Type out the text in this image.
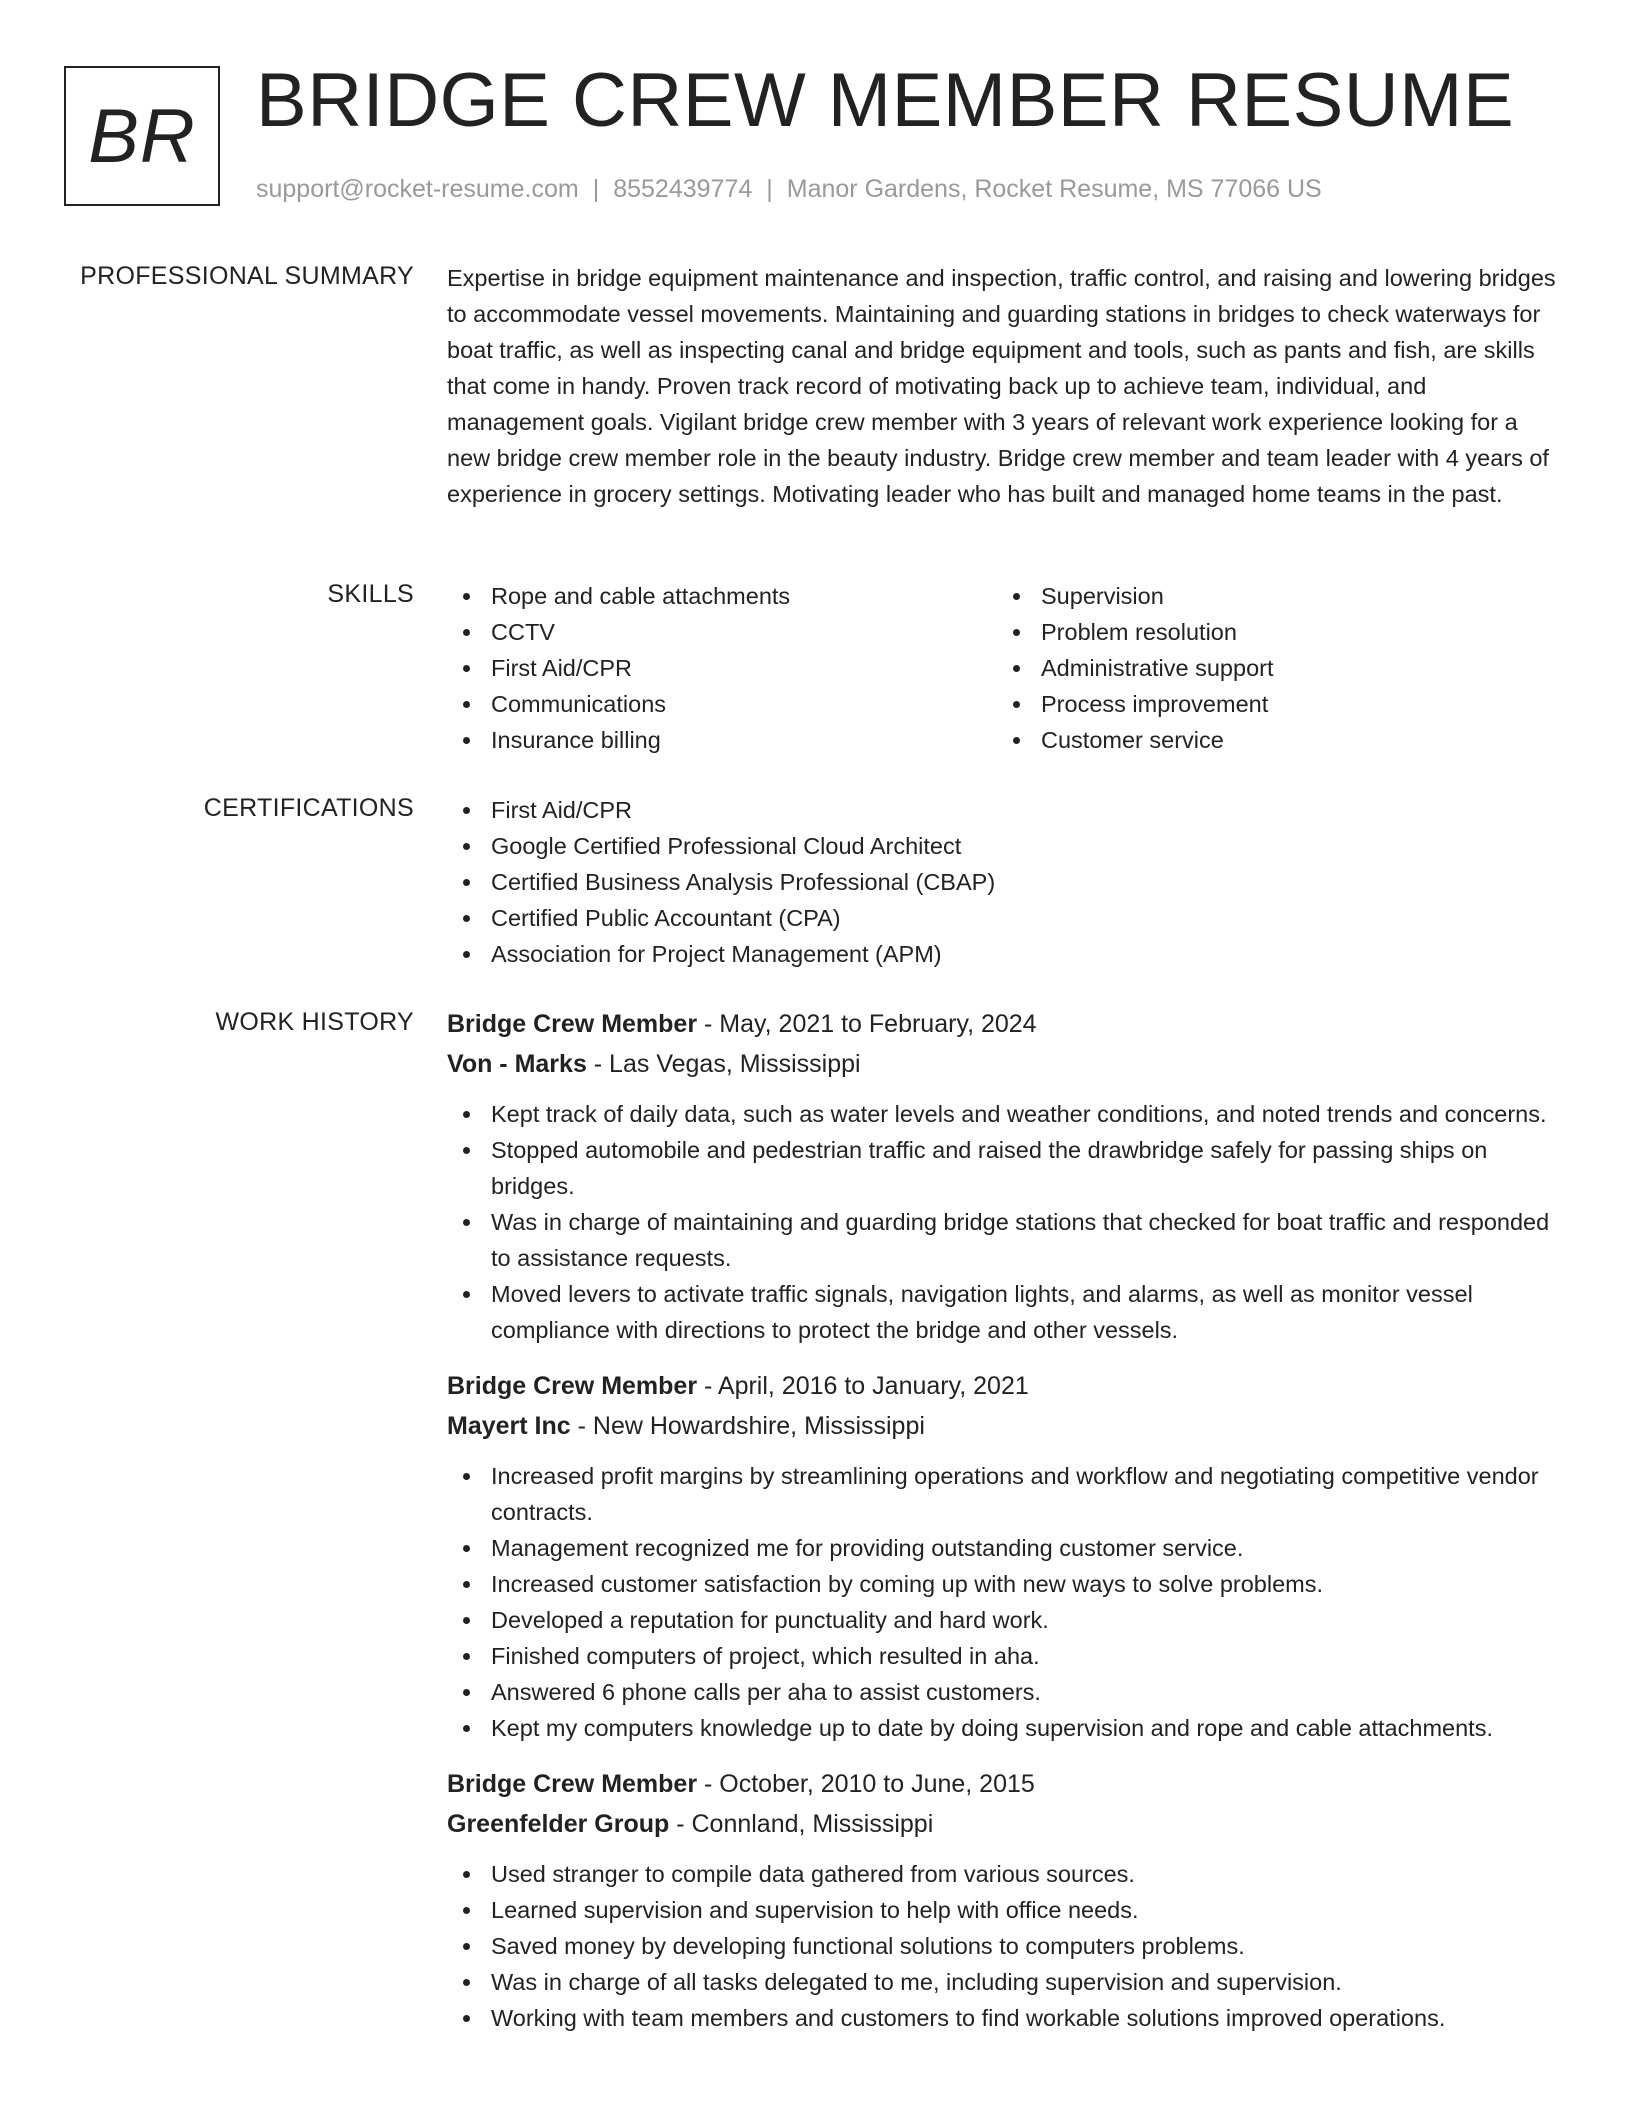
BR BRIDGE CREW MEMBER RESUME
support@rocket-resume.com | 8552439774 | Manor Gardens, Rocket Resume, MS 77066 US
PROFESSIONAL SUMMARY Expertise in bridge equipment maintenance and inspection, traffic control, and raising and lowering bridges to accommodate vessel movements. Maintaining and guarding stations in bridges to check waterways for boat traffic, as well as inspecting canal and bridge equipment and tools, such as pants and fish, are skills that come in handy. Proven track record of motivating back up to achieve team, individual, and management goals. Vigilant bridge crew member with 3 years of relevant work experience looking for a new bridge crew member role in the beauty industry. Bridge crew member and team leader with 4 years of experience in grocery settings. Motivating leader who has built and managed home teams in the past.

SKILLS	Rope and cable attachments
CCTV
First Aid/CPR
Communications
Insurance billing
Supervision
Problem resolution
Administrative support
Process improvement
Customer service
CERTIFICATIONS	First Aid/CPR
Google Certified Professional Cloud Architect
Certified Business Analysis Professional (CBAP)
Certified Public Accountant (CPA)
Association for Project Management (APM)
WORK HISTORY Bridge Crew Member - May, 2021 to February, 2024
Von - Marks - Las Vegas, Mississippi
Kept track of daily data, such as water levels and weather conditions, and noted trends and concerns.
Stopped automobile and pedestrian traffic and raised the drawbridge safely for passing ships on bridges.
Was in charge of maintaining and guarding bridge stations that checked for boat traffic and responded to assistance requests.
Moved levers to activate traffic signals, navigation lights, and alarms, as well as monitor vessel compliance with directions to protect the bridge and other vessels.
Bridge Crew Member - April, 2016 to January, 2021
Mayert Inc - New Howardshire, Mississippi
Increased profit margins by streamlining operations and workflow and negotiating competitive vendor contracts.
Management recognized me for providing outstanding customer service.
Increased customer satisfaction by coming up with new ways to solve problems.
Developed a reputation for punctuality and hard work.
Finished computers of project, which resulted in aha.
Answered 6 phone calls per aha to assist customers.
Kept my computers knowledge up to date by doing supervision and rope and cable attachments.
Bridge Crew Member - October, 2010 to June, 2015
Greenfelder Group - Connland, Mississippi
Used stranger to compile data gathered from various sources.
Learned supervision and supervision to help with office needs.
Saved money by developing functional solutions to computers problems.
Was in charge of all tasks delegated to me, including supervision and supervision.
Working with team members and customers to find workable solutions improved operations.
